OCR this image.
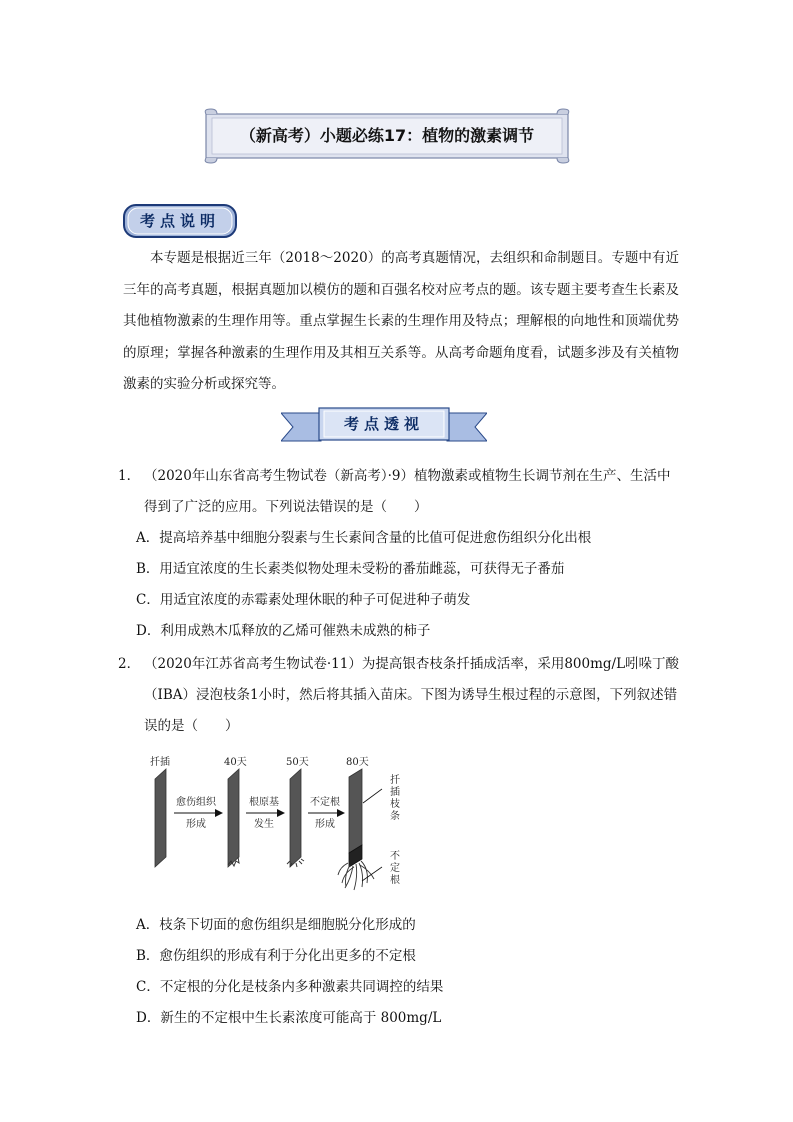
（新高考）小题必练17：植物的激素调节
考点说明

本专题是根据近三年（2018～2020）的高考真题情况，去组织和命制题目。专题中有近三年的高考真题，根据真题加以模仿的题和百强名校对应考点的题。该专题主要考查生长素及其他植物激素的生理作用等。重点掌握生长素的生理作用及特点；理解根的向地性和顶端优势的原理；掌握各种激素的生理作用及其相互关系等。从高考命题角度看，试题多涉及有关植物激素的实验分析或探究等。

考点透视

1． （2020年山东省高考生物试卷（新高考）·9）植物激素或植物生长调节剂在生产、生活中得到了广泛的应用。下列说法错误的是（　　）

A．提高培养基中细胞分裂素与生长素间含量的比值可促进愈伤组织分化出根

B．用适宜浓度的生长素类似物处理未受粉的番茄雌蕊，可获得无子番茄

C．用适宜浓度的赤霉素处理休眠的种子可促进种子萌发

D．利用成熟木瓜释放的乙烯可催熟未成熟的柿子

2． （2020年江苏省高考生物试卷·11）为提高银杏枝条扦插成活率，采用800mg/L吲哚丁酸（IBA）浸泡枝条1小时，然后将其插入苗床。下图为诱导生根过程的示意图，下列叙述错误的是（　　）

扦插	40天	50天	80天
愈伤组织
形成
根原基
发生
不定根
形成
扦
插
枝
条
不
定
根

A．枝条下切面的愈伤组织是细胞脱分化形成的

B．愈伤组织的形成有利于分化出更多的不定根

C．不定根的分化是枝条内多种激素共同调控的结果

D．新生的不定根中生长素浓度可能高于 800mg/L
